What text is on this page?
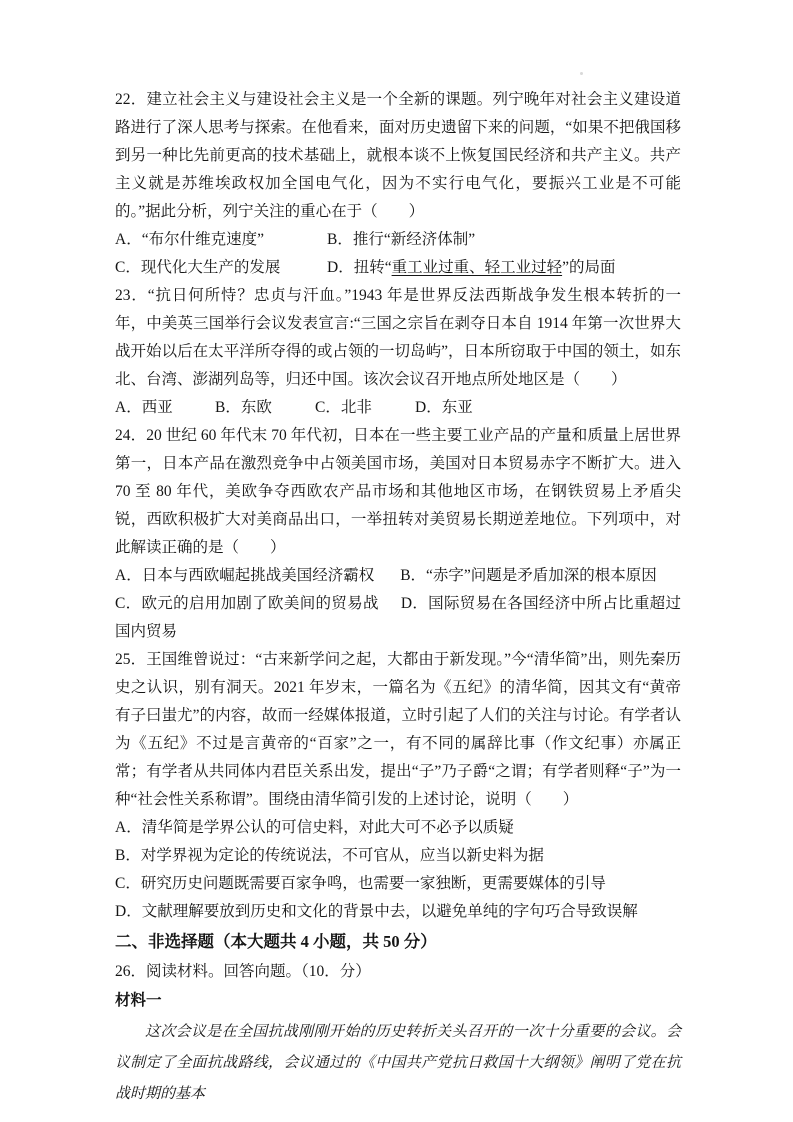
22．建立社会主义与建设社会主义是一个全新的课题。列宁晚年对社会主义建设道路进行了深人思考与探索。在他看来，面对历史遗留下来的问题，“如果不把俄国移到另一种比先前更高的技术基础上，就根本谈不上恢复国民经济和共产主义。共产主义就是苏维埃政权加全国电气化，因为不实行电气化，要振兴工业是不可能的。”据此分析，列宁关注的重心在于（　　）

A．“布尔什维克速度”	B．推行“新经济体制”
C．现代化大生产的发展	D．扭转“重工业过重、轻工业过轻”的局面

23．“抗日何所恃？忠贞与汗血。”1943 年是世界反法西斯战争发生根本转折的一年，中美英三国举行会议发表宣言:“三国之宗旨在剥夺日本自 1914 年第一次世界大战开始以后在太平洋所夺得的或占领的一切岛屿”，日本所窃取于中国的领土，如东北、台湾、澎湖列岛等，归还中国。该次会议召开地点所处地区是（　　）

A．西亚	B．东欧	C．北非	D．东亚

24．20 世纪 60 年代末 70 年代初，日本在一些主要工业产品的产量和质量上居世界第一，日本产品在激烈竞争中占领美国市场，美国对日本贸易赤字不断扩大。进入 70 至 80 年代，美欧争夺西欧农产品市场和其他地区市场，在钢铁贸易上矛盾尖锐，西欧积极扩大对美商品出口，一举扭转对美贸易长期逆差地位。下列项中，对此解读正确的是（　　）

A．日本与西欧崛起挑战美国经济霸权 B．“赤字”问题是矛盾加深的根本原因

C．欧元的启用加剧了欧美间的贸易战 D．国际贸易在各国经济中所占比重超过国内贸易

25．王国维曾说过：“古来新学问之起，大都由于新发现。”今“清华简”出，则先秦历史之认识，别有洞天。2021 年岁末，一篇名为《五纪》的清华简，因其文有“黄帝有子曰蚩尤”的内容，故而一经媒体报道，立时引起了人们的关注与讨论。有学者认为《五纪》不过是言黄帝的“百家”之一，有不同的属辞比事（作文纪事）亦属正常；有学者从共同体内君臣关系出发，提出“子”乃子爵“之谓；有学者则释“子”为一种“社会性关系称谓”。围绕由清华简引发的上述讨论，说明（　　）

A．清华简是学界公认的可信史料，对此大可不必予以质疑

B．对学界视为定论的传统说法，不可官从，应当以新史料为据

C．研究历史问题既需要百家争鸣，也需要一家独断，更需要媒体的引导

D．文献理解要放到历史和文化的背景中去，以避免单纯的字句巧合导致误解

二、非选择题（本大题共 4 小题，共 50 分）

26．阅读材料。回答向题。（10．分）

材料一

这次会议是在全国抗战刚刚开始的历史转折关头召开的一次十分重要的会议。会议制定了全面抗战路线，会议通过的《中国共产党抗日救国十大纲领》阐明了党在抗战时期的基本
